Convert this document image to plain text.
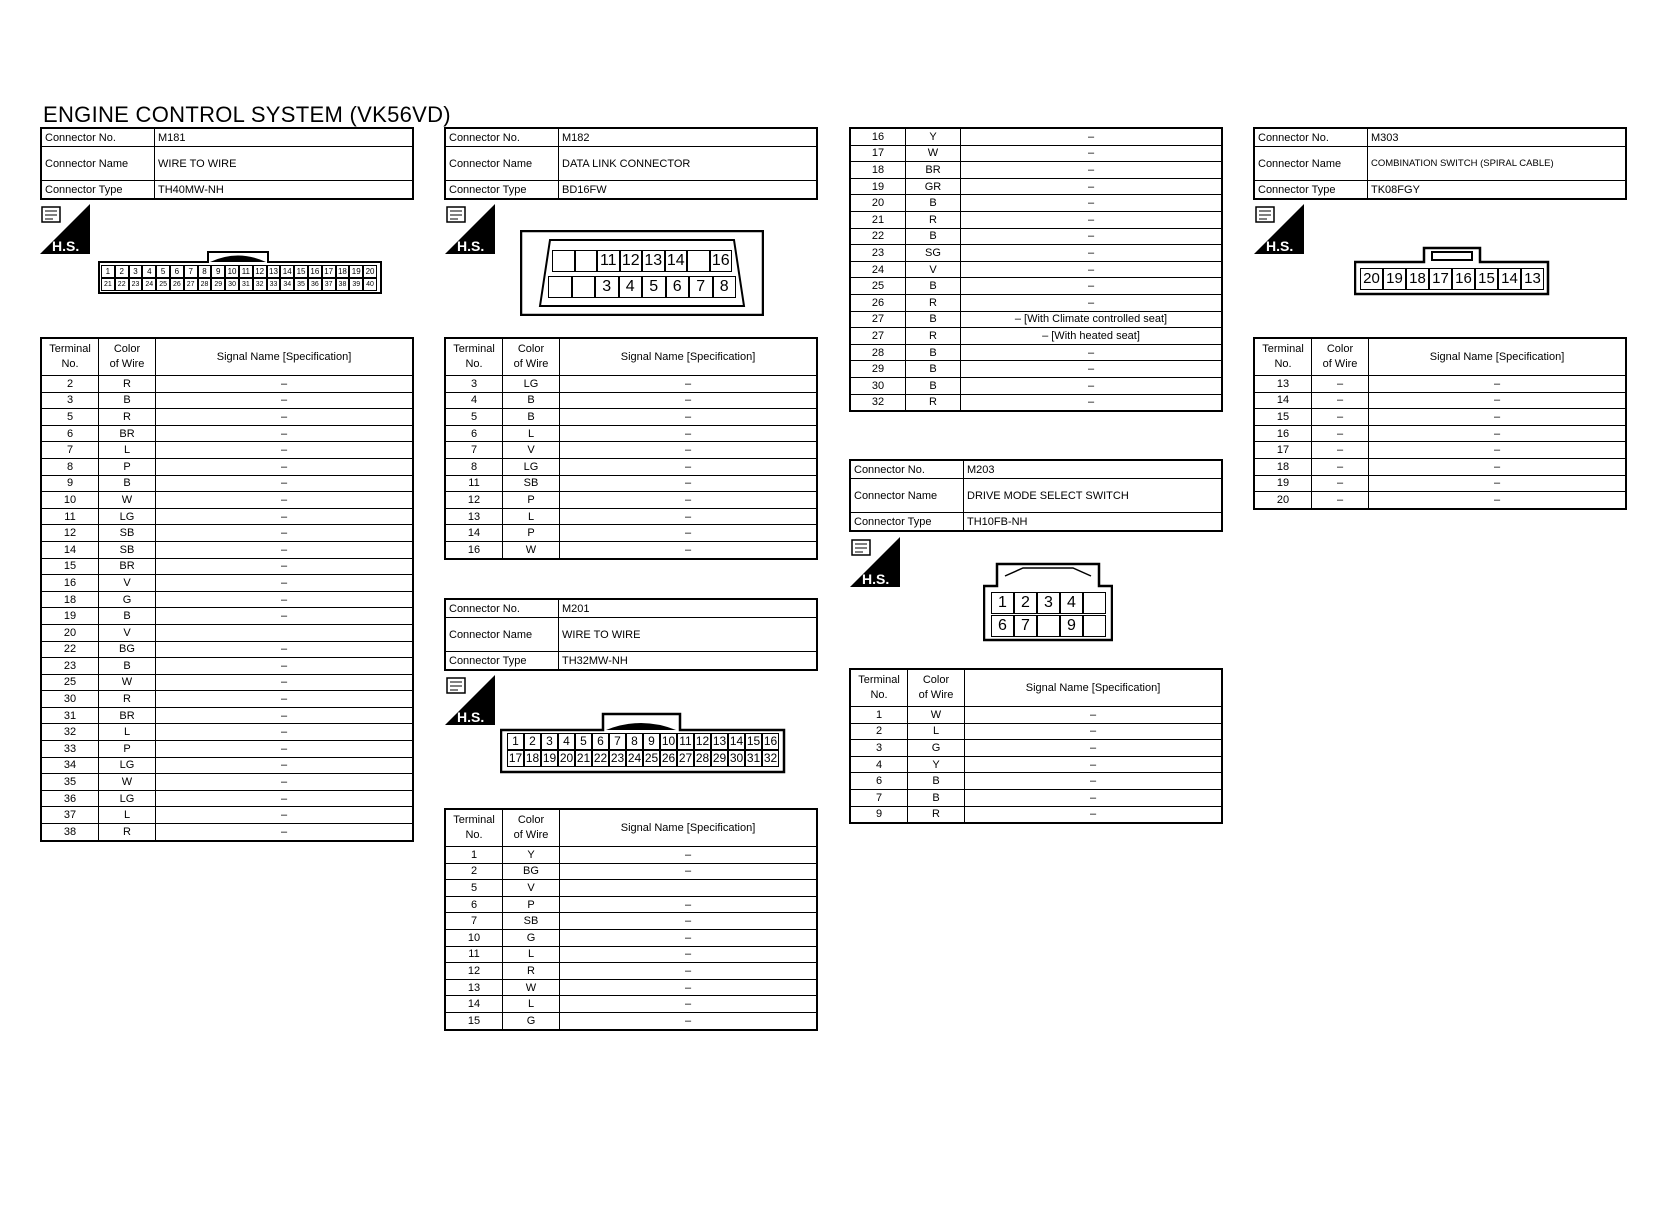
ENGINE CONTROL SYSTEM (VK56VD)
Connector No.	M181
Connector Name	WIRE TO WIRE
Connector Type	TH40MW-NH
H.S.
1	2	3	4	5	6	7	8	9 10 11 12 13 14 15 16 17 18 19 20
21 22 23 24 25 26 27 28 29 30 31 32 33 34 35 36 37 38 39 40
Terminal
No.	Color
of Wire	Signal Name [Specification]
2	R	–
3	B	–
5	R	–
6	BR	–
7	L	–
8	P	–
9	B	–
10	W	–
11	LG	–
12	SB	–
14	SB	–
15	BR	–
16	V	–
18	G	–
19	B	–
20	V	
22	BG	–
23	B	–
25	W	–
30	R	–
31	BR	–
32	L	–
33	P	–
34	LG	–
35	W	–
36	LG	–
37	L	–
38	R	–
Connector No.	M182
Connector Name	DATA LINK CONNECTOR
Connector Type	BD16FW
H.S.
11 12 13 14 16
3 4 5 6 7 8
Terminal
No.	Color
of Wire	Signal Name [Specification]
3	LG	–
4	B	–
5	B	–
6	L	–
7	V	–
8	LG	–
11	SB	–
12	P	–
13	L	–
14	P	–
16	W	–
Connector No.	M201
Connector Name	WIRE TO WIRE
Connector Type	TH32MW-NH
H.S.
1 2 3 4 5 6 7 8 9 10 11 12 13 14 15 16
17 18 19 20 21 22 23 24 25 26 27 28 29 30 31 32
Terminal
No.	Color
of Wire	Signal Name [Specification]
1	Y	–
2	BG	–
5	V	
6	P	–
7	SB	–
10	G	–
11	L	–
12	R	–
13	W	–
14	L	–
15	G	–
16	Y	–
17	W	–
18	BR	–
19	GR	–
20	B	–
21	R	–
22	B	–
23	SG	–
24	V	–
25	B	–
26	R	–
27	B	– [With Climate controlled seat]
27	R	– [With heated seat]
28	B	–
29	B	–
30	B	–
32	R	–
Connector No.	M203
Connector Name	DRIVE MODE SELECT SWITCH
Connector Type	TH10FB-NH
H.S.
1 2 3 4
6 7	9
Terminal
No.	Color
of Wire	Signal Name [Specification]
1	W	–
2	L	–
3	G	–
4	Y	–
6	B	–
7	B	–
9	R	–
Connector No.	M303
Connector Name	COMBINATION SWITCH (SPIRAL CABLE)
Connector Type	TK08FGY
H.S.
20 19 18 17 16 15 14 13
Terminal
No.	Color
of Wire	Signal Name [Specification]
13	–	–
14	–	–
15	–	–
16	–	–
17	–	–
18	–	–
19	–	–
20	–	–
